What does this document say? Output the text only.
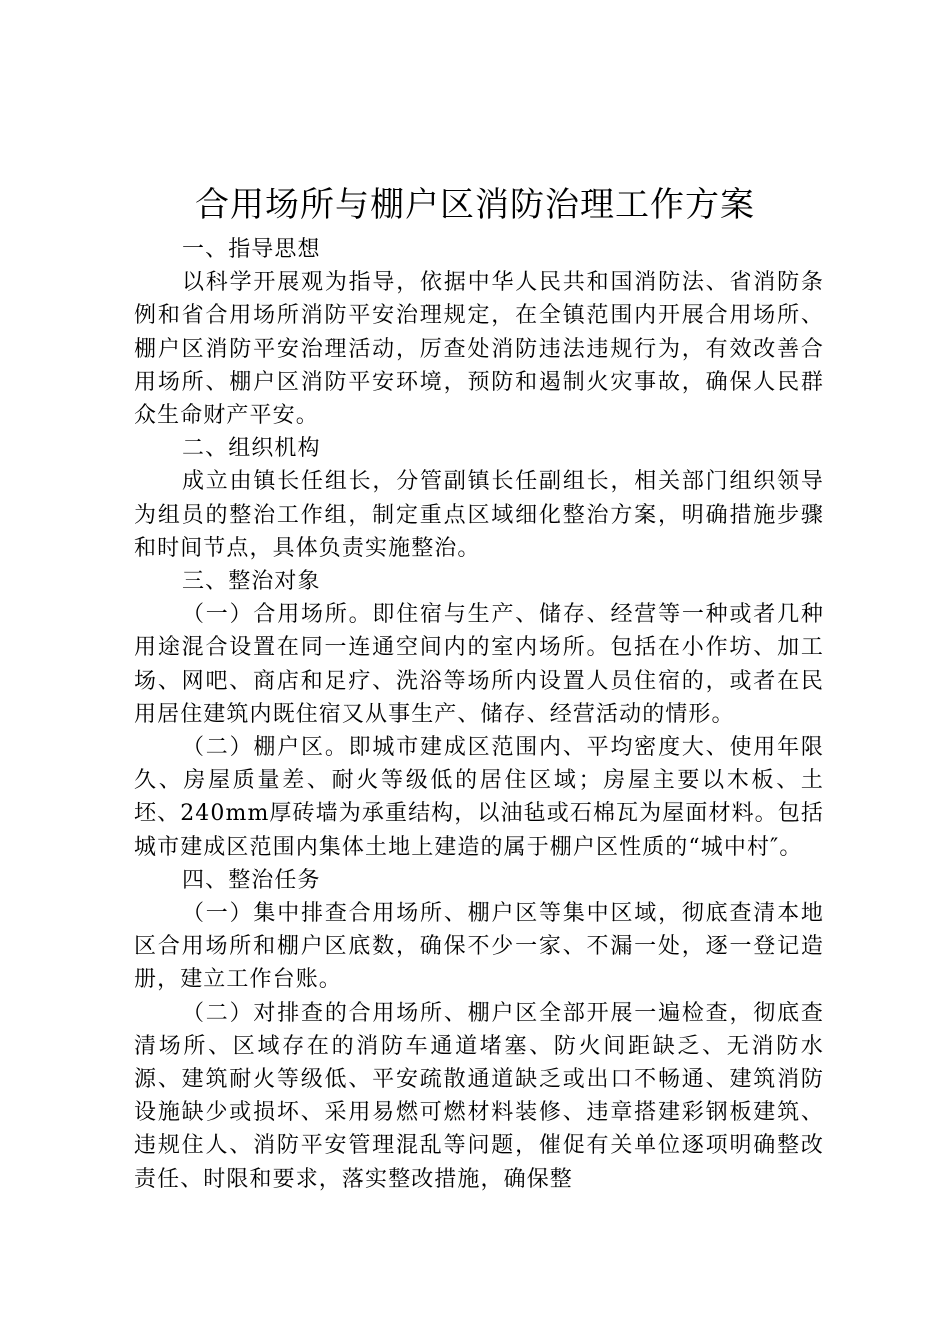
合用场所与棚户区消防治理工作方案

一、指导思想

以科学开展观为指导，依据中华人民共和国消防法、省消防条例和省合用场所消防平安治理规定，在全镇范围内开展合用场所、棚户区消防平安治理活动，厉查处消防违法违规行为，有效改善合用场所、棚户区消防平安环境，预防和遏制火灾事故，确保人民群众生命财产平安。

二、组织机构

成立由镇长任组长，分管副镇长任副组长，相关部门组织领导为组员的整治工作组，制定重点区域细化整治方案，明确措施步骤和时间节点，具体负责实施整治。

三、整治对象

（一）合用场所。即住宿与生产、储存、经营等一种或者几种用途混合设置在同一连通空间内的室内场所。包括在小作坊、加工场、网吧、商店和足疗、洗浴等场所内设置人员住宿的，或者在民用居住建筑内既住宿又从事生产、储存、经营活动的情形。

（二）棚户区。即城市建成区范围内、平均密度大、使用年限久、房屋质量差、耐火等级低的居住区域；房屋主要以木板、土坯、240mm厚砖墙为承重结构，以油毡或石棉瓦为屋面材料。包括城市建成区范围内集体土地上建造的属于棚户区性质的“城中村″。

四、整治任务

（一）集中排查合用场所、棚户区等集中区域，彻底查清本地区合用场所和棚户区底数，确保不少一家、不漏一处，逐一登记造册，建立工作台账。

（二）对排查的合用场所、棚户区全部开展一遍检查，彻底查清场所、区域存在的消防车通道堵塞、防火间距缺乏、无消防水源、建筑耐火等级低、平安疏散通道缺乏或出口不畅通、建筑消防设施缺少或损坏、采用易燃可燃材料装修、违章搭建彩钢板建筑、违规住人、消防平安管理混乱等问题，催促有关单位逐项明确整改责任、时限和要求，落实整改措施，确保整
